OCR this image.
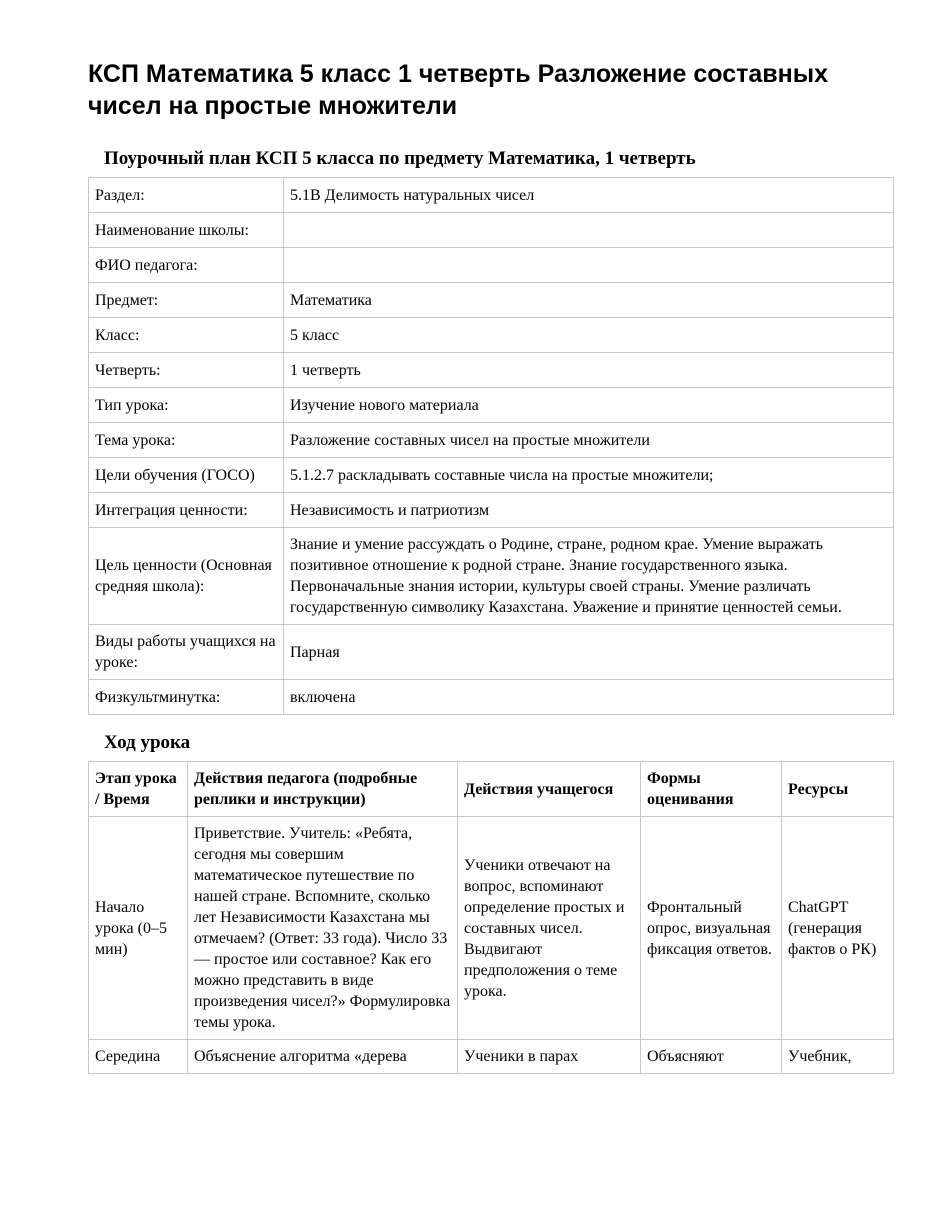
КСП Математика 5 класс 1 четверть Разложение составных чисел на простые множители
Поурочный план КСП 5 класса по предмету Математика, 1 четверть
Раздел:	5.1В Делимость натуральных чисел
Наименование школы:	
ФИО педагога:	
Предмет:	Математика
Класс:	5 класс
Четверть:	1 четверть
Тип урока:	Изучение нового материала
Тема урока:	Разложение составных чисел на простые множители
Цели обучения (ГОСО)	5.1.2.7 раскладывать составные числа на простые множители;
Интеграция ценности:	Независимость и патриотизм
Цель ценности (Основная средняя школа):	Знание и умение рассуждать о Родине, стране, родном крае. Умение выражать позитивное отношение к родной стране. Знание государственного языка. Первоначальные знания истории, культуры своей страны. Умение различать государственную символику Казахстана. Уважение и принятие ценностей семьи.
Виды работы учащихся на уроке:	Парная
Физкультминутка:	включена
Ход урока
Этап урока / Время	Действия педагога (подробные реплики и инструкции)	Действия учащегося	Формы оценивания	Ресурсы
Начало урока (0–5 мин)	Приветствие. Учитель: «Ребята, сегодня мы совершим математическое путешествие по нашей стране. Вспомните, сколько лет Независимости Казахстана мы отмечаем? (Ответ: 33 года). Число 33 — простое или составное? Как его можно представить в виде произведения чисел?» Формулировка темы урока.	Ученики отвечают на вопрос, вспоминают определение простых и составных чисел. Выдвигают предположения о теме урока.	Фронтальный опрос, визуальная фиксация ответов.	ChatGPT (генерация фактов о РК)
Середина	Объяснение алгоритма «дерева	Ученики в парах	Объясняют	Учебник,
